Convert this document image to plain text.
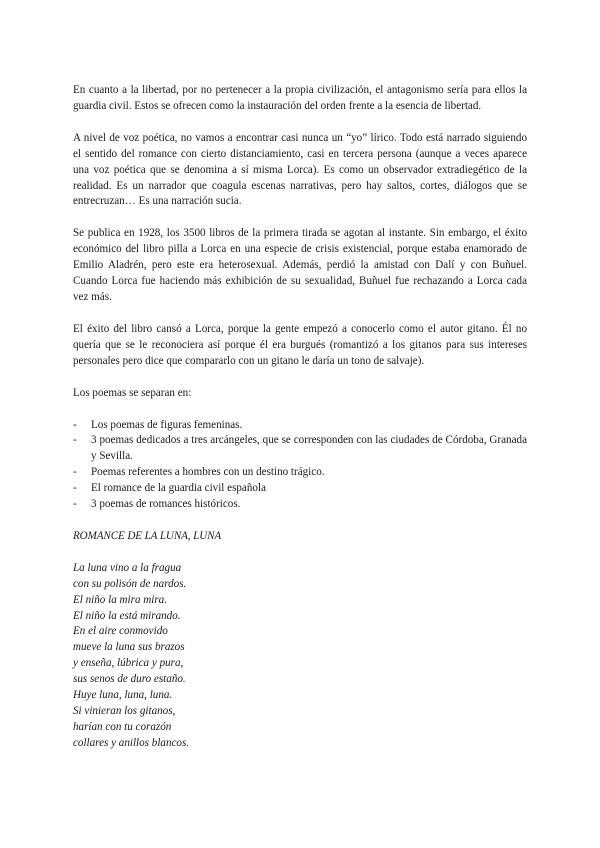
En cuanto a la libertad, por no pertenecer a la propia civilización, el antagonismo sería para ellos la guardia civil. Estos se ofrecen como la instauración del orden frente a la esencia de libertad.

A nivel de voz poética, no vamos a encontrar casi nunca un “yo” lírico. Todo está narrado siguiendo el sentido del romance con cierto distanciamiento, casi en tercera persona (aunque a veces aparece una voz poética que se denomina a sí misma Lorca). Es como un observador extradiegético de la realidad. Es un narrador que coagula escenas narrativas, pero hay saltos, cortes, diálogos que se entrecruzan… Es una narración sucia.

Se publica en 1928, los 3500 libros de la primera tirada se agotan al instante. Sin embargo, el éxito económico del libro pilla a Lorca en una especie de crisis existencial, porque estaba enamorado de Emilio Aladrén, pero este era heterosexual. Además, perdió la amistad con Dalí y con Buñuel. Cuando Lorca fue haciendo más exhibición de su sexualidad, Buñuel fue rechazando a Lorca cada vez más.

El éxito del libro cansó a Lorca, porque la gente empezó a conocerlo como el autor gitano. Él no quería que se le reconociera así porque él era burgués (romantizó a los gitanos para sus intereses personales pero dice que compararlo con un gitano le daría un tono de salvaje).

Los poemas se separan en:

- Los poemas de figuras femeninas.
- 3 poemas dedicados a tres arcángeles, que se corresponden con las ciudades de Córdoba, Granada y Sevilla.
- Poemas referentes a hombres con un destino trágico.
- El romance de la guardia civil española
- 3 poemas de romances históricos.

ROMANCE DE LA LUNA, LUNA

La luna vino a la fragua

con su polisón de nardos.

El niño la mira mira.

El niño la está mirando.

En el aire conmovido

mueve la luna sus brazos

y enseña, lúbrica y pura,

sus senos de duro estaño.

Huye luna, luna, luna.

Si vinieran los gitanos,

harían con tu corazón

collares y anillos blancos.
